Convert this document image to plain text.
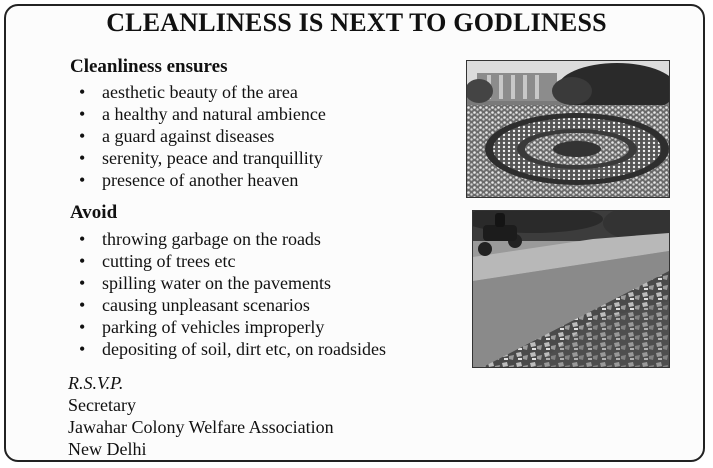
CLEANLINESS IS NEXT TO GODLINESS
Cleanliness ensures
• aesthetic beauty of the area
• a healthy and natural ambience
• a guard against diseases
• serenity, peace and tranquillity
• presence of another heaven
Avoid
• throwing garbage on the roads
• cutting of trees etc
• spilling water on the pavements
• causing unpleasant scenarios
• parking of vehicles improperly
• depositing of soil, dirt etc, on roadsides
R.S.V.P.
Secretary
Jawahar Colony Welfare Association
New Delhi
